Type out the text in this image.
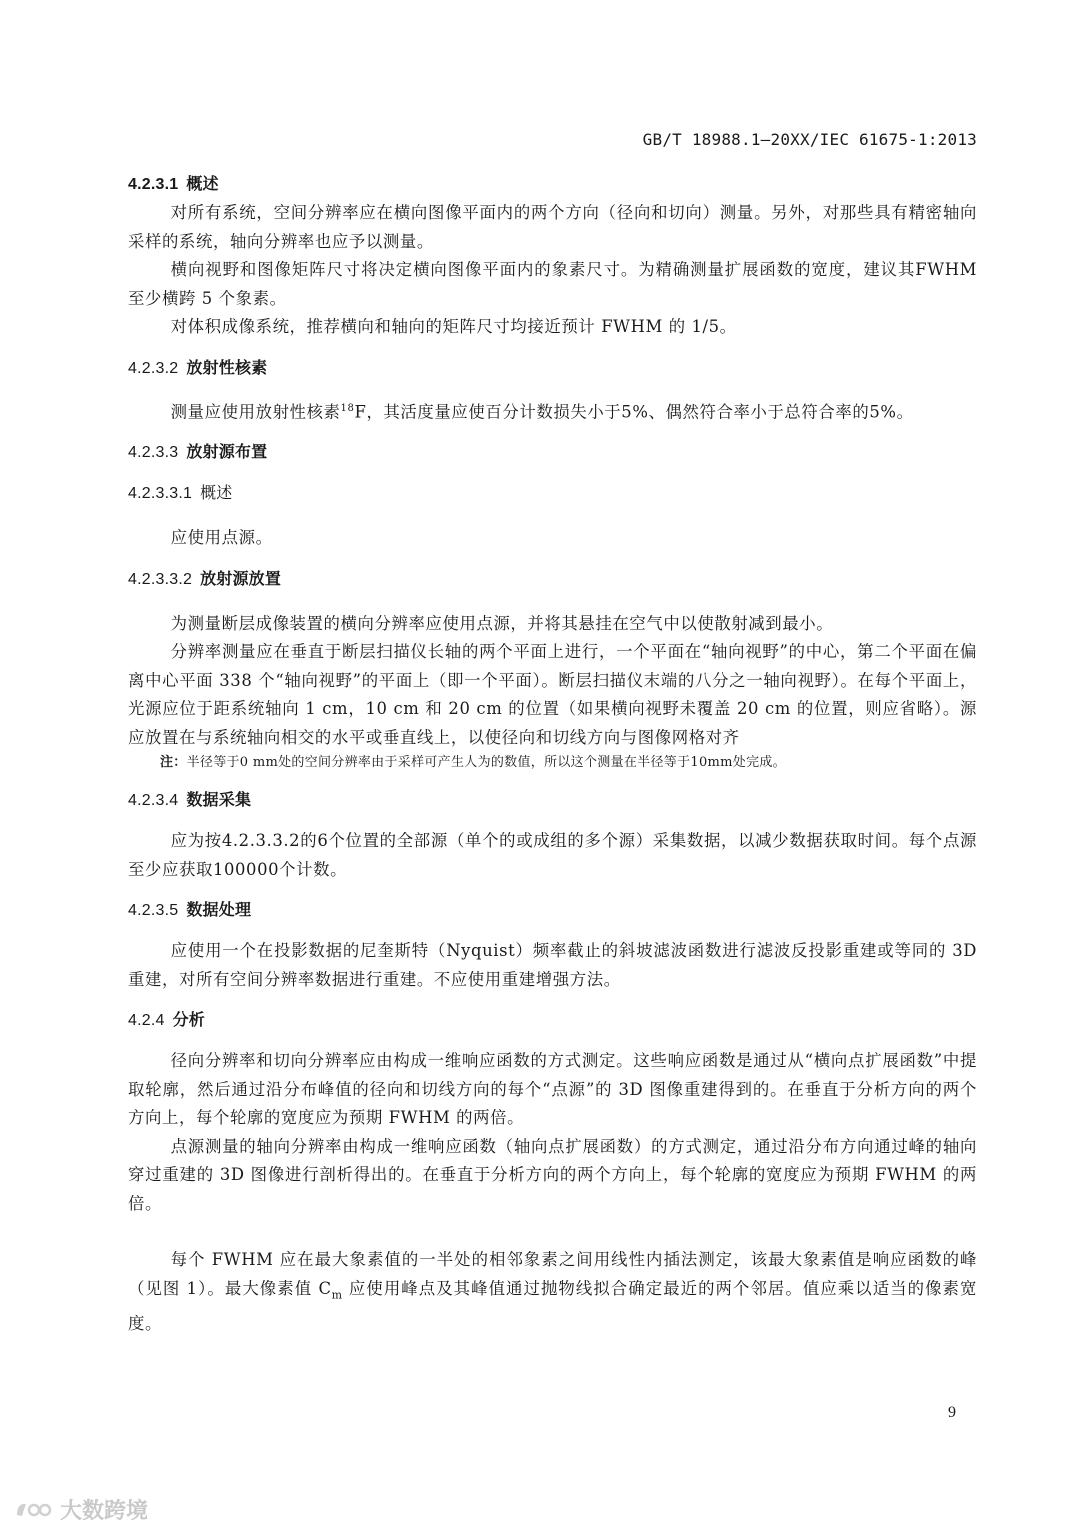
GB/T 18988.1—20XX/IEC 61675-1:2013

4.2.3.1 概述

对所有系统，空间分辨率应在横向图像平面内的两个方向（径向和切向）测量。另外，对那些具有精密轴向采样的系统，轴向分辨率也应予以测量。

横向视野和图像矩阵尺寸将决定横向图像平面内的象素尺寸。为精确测量扩展函数的宽度，建议其FWHM 至少横跨 5 个象素。

对体积成像系统，推荐横向和轴向的矩阵尺寸均接近预计 FWHM 的 1/5。

4.2.3.2 放射性核素

测量应使用放射性核素$^{18}$F，其活度量应使百分计数损失小于5%、偶然符合率小于总符合率的5%。

4.2.3.3 放射源布置

4.2.3.3.1 概述

应使用点源。

4.2.3.3.2 放射源放置

为测量断层成像装置的横向分辨率应使用点源，并将其悬挂在空气中以使散射减到最小。

分辨率测量应在垂直于断层扫描仪长轴的两个平面上进行，一个平面在“轴向视野”的中心，第二个平面在偏离中心平面 338 个“轴向视野”的平面上（即一个平面）。断层扫描仪末端的八分之一轴向视野）。在每个平面上，光源应位于距系统轴向 1 cm，10 cm 和 20 cm 的位置（如果横向视野未覆盖 20 cm 的位置，则应省略）。源应放置在与系统轴向相交的水平或垂直线上，以使径向和切线方向与图像网格对齐

注：半径等于0 mm处的空间分辨率由于采样可产生人为的数值，所以这个测量在半径等于10mm处完成。

4.2.3.4 数据采集

应为按4.2.3.3.2的6个位置的全部源（单个的或成组的多个源）采集数据，以减少数据获取时间。每个点源至少应获取100000个计数。

4.2.3.5 数据处理

应使用一个在投影数据的尼奎斯特（Nyquist）频率截止的斜坡滤波函数进行滤波反投影重建或等同的 3D 重建，对所有空间分辨率数据进行重建。不应使用重建增强方法。

4.2.4 分析

径向分辨率和切向分辨率应由构成一维响应函数的方式测定。这些响应函数是通过从“横向点扩展函数”中提取轮廓，然后通过沿分布峰值的径向和切线方向的每个“点源”的 3D 图像重建得到的。在垂直于分析方向的两个方向上，每个轮廓的宽度应为预期 FWHM 的两倍。

点源测量的轴向分辨率由构成一维响应函数（轴向点扩展函数）的方式测定，通过沿分布方向通过峰的轴向穿过重建的 3D 图像进行剖析得出的。在垂直于分析方向的两个方向上，每个轮廓的宽度应为预期 FWHM 的两倍。

每个 FWHM 应在最大象素值的一半处的相邻象素之间用线性内插法测定，该最大象素值是响应函数的峰（见图 1）。最大像素值 $C_m$ 应使用峰点及其峰值通过抛物线拟合确定最近的两个邻居。值应乘以适当的像素宽度。

9
大数跨境
